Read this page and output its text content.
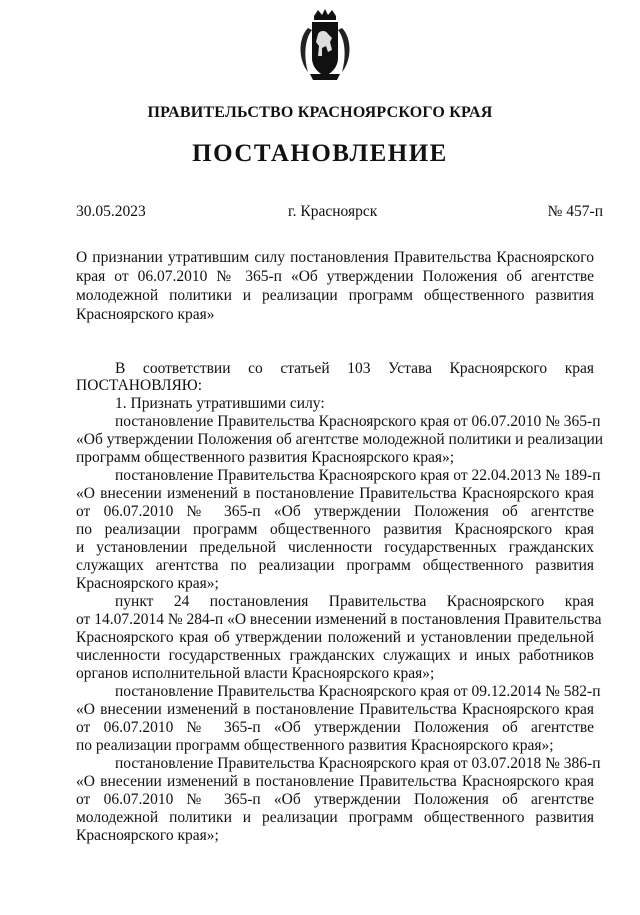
ПРАВИТЕЛЬСТВО КРАСНОЯРСКОГО КРАЯ
ПОСТАНОВЛЕНИЕ
30.05.2023	г. Красноярск	№ 457-п
О признании утратившим силу постановления Правительства Красноярского
края от 06.07.2010 № 365-п «Об утверждении Положения об агентстве
молодежной политики и реализации программ общественного развития
Красноярского края»
В соответствии со статьей 103 Устава Красноярского края
ПОСТАНОВЛЯЮ:
1. Признать утратившими силу:
постановление Правительства Красноярского края от 06.07.2010 № 365-п
«Об утверждении Положения об агентстве молодежной политики и реализации
программ общественного развития Красноярского края»;
постановление Правительства Красноярского края от 22.04.2013 № 189-п
«О внесении изменений в постановление Правительства Красноярского края
от 06.07.2010 № 365-п «Об утверждении Положения об агентстве
по реализации программ общественного развития Красноярского края
и установлении предельной численности государственных гражданских
служащих агентства по реализации программ общественного развития
Красноярского края»;
пункт 24 постановления Правительства Красноярского края
от 14.07.2014 № 284-п «О внесении изменений в постановления Правительства
Красноярского края об утверждении положений и установлении предельной
численности государственных гражданских служащих и иных работников
органов исполнительной власти Красноярского края»;
постановление Правительства Красноярского края от 09.12.2014 № 582-п
«О внесении изменений в постановление Правительства Красноярского края
от 06.07.2010 № 365-п «Об утверждении Положения об агентстве
по реализации программ общественного развития Красноярского края»;
постановление Правительства Красноярского края от 03.07.2018 № 386-п
«О внесении изменений в постановление Правительства Красноярского края
от 06.07.2010 № 365-п «Об утверждении Положения об агентстве
молодежной политики и реализации программ общественного развития
Красноярского края»;
